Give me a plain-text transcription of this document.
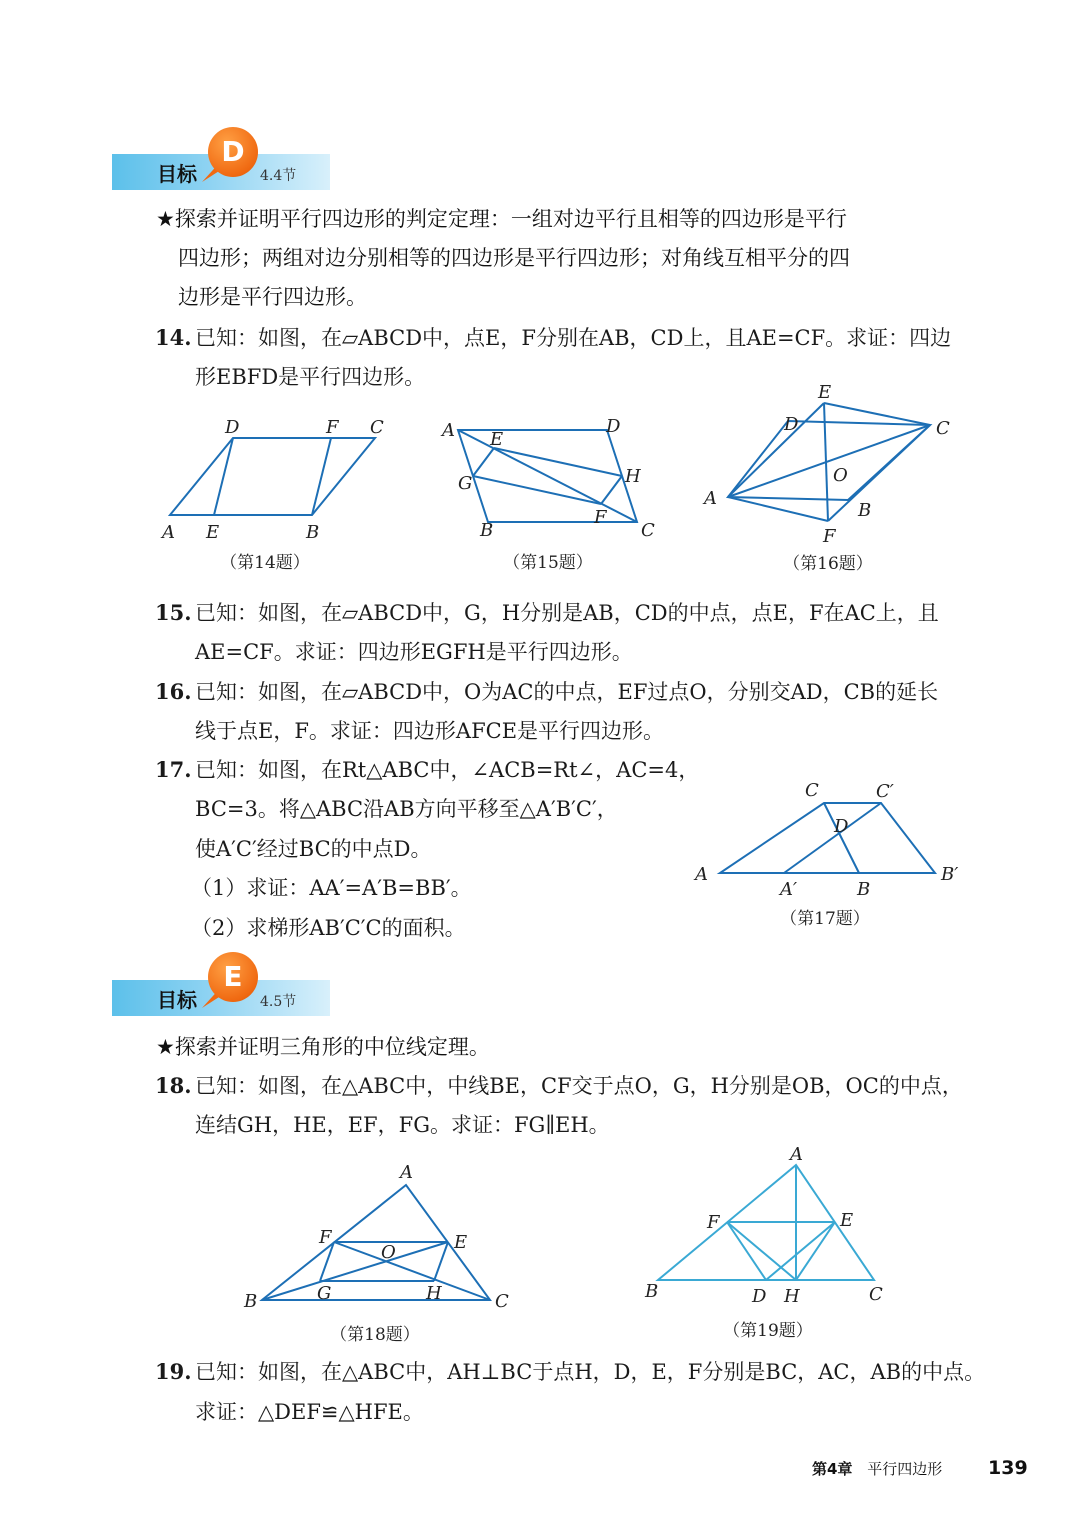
目标
D
4.4节
★探索并证明平行四边形的判定定理：一组对边平行且相等的四边形是平行
四边形；两组对边分别相等的四边形是平行四边形；对角线互相平分的四
边形是平行四边形。
14. 已知：如图，在▱ABCD中，点E，F分别在AB，CD上，且AE=CF。求证：四边

形EBFD是平行四边形。

D	F C
A E	B
（第14题）
A E
D
G	H
F
B	C
（第15题）
E
D	C
O
A
B
F
（第16题）
15. 已知：如图，在▱ABCD中，G，H分别是AB，CD的中点，点E，F在AC上，且

AE=CF。求证：四边形EGFH是平行四边形。

16. 已知：如图，在▱ABCD中，O为AC的中点，EF过点O，分别交AD，CB的延长

线于点E，F。求证：四边形AFCE是平行四边形。

17. 已知：如图，在Rt△ABC中，∠ACB=Rt∠，AC=4，

BC=3。将△ABC沿AB方向平移至△A′B′C′，

使A′C′经过BC的中点D。

（1）求证：AA′=A′B=BB′。

（2）求梯形AB′C′C的面积。

C	C′
D
A
A′	B
B′
（第17题）
目标
E
4.5节
★探索并证明三角形的中位线定理。
18. 已知：如图，在△ABC中，中线BE，CF交于点O，G，H分别是OB，OC的中点，

连结GH，HE，EF，FG。求证：FG∥EH。

A
F
O	E
G	H
B	C
（第18题）
A
F	E
B	D H	C
（第19题）
19. 已知：如图，在△ABC中，AH⊥BC于点H，D，E，F分别是BC，AC，AB的中点。

求证：△DEF≌△HFE。

第4章 平行四边形 139
